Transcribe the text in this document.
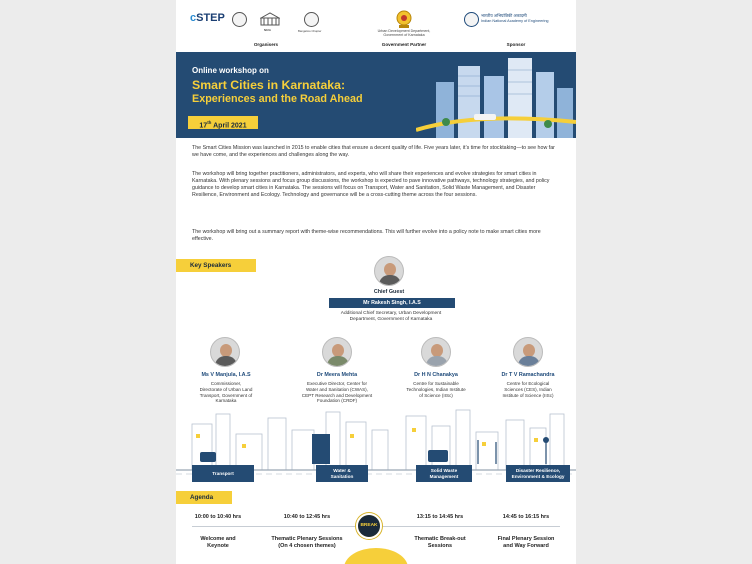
cSTEP
NIUA	Bangalore Chapter
Organisers
Urban Development Department,
Government of Karnataka
Government Partner
भारतीय अभियांत्रिकी अकादमी
Indian National Academy of Engineering
Sponsor
Online workshop on
Smart Cities in Karnataka:
Experiences and the Road Ahead
17th April 2021

The Smart Cities Mission was launched in 2015 to enable cities that ensure a decent quality of life. Five years later, it’s time for stocktaking—to see how far we have come, and the experiences and challenges along the way.

The workshop will bring together practitioners, administrators, and experts, who will share their experiences and evolve strategies for smart cities in Karnataka. With plenary sessions and focus group discussions, the workshop is expected to pave innovative pathways, technology strategies, and policy guidance to develop smart cities in Karnataka. The sessions will focus on Transport, Water and Sanitation, Solid Waste Management, and Disaster Resilience, Environment and Ecology. Technology and governance will be a cross-cutting theme across the four sessions.

The workshop will bring out a summary report with theme-wise recommendations. This will further evolve into a policy note to make smart cities more effective.

Key Speakers
Chief Guest
Mr Rakesh Singh, I.A.S
Additional Chief Secretary, Urban Development
Department, Government of Karnataka
Ms V Manjula, I.A.S
Commissioner,
Directorate of Urban Land
Transport, Government of
Karnataka
Dr Meera Mehta
Executive Director, Center for
Water and Sanitation (CWAS),
CEPT Research and Development
Foundation (CRDF)
Dr H N Chanakya
Centre for Sustainable
Technologies, Indian Institute
of Science (IISc)
Dr T V Ramachandra
Centre for Ecological
Sciences (CES), Indian
Institute of Science (IISc)
Transport
Water &
Sanitation
Solid Waste
Management
Disaster Resilience,
Environment & Ecology
Agenda
10:00 to 10:40 hrs
Welcome and
Keynote
10:40 to 12:45 hrs
Thematic Plenary Sessions
(On 4 chosen themes)
BREAK
13:15 to 14:45 hrs
Thematic Break-out
Sessions
14:45 to 16:15 hrs
Final Plenary Session
and Way Forward
